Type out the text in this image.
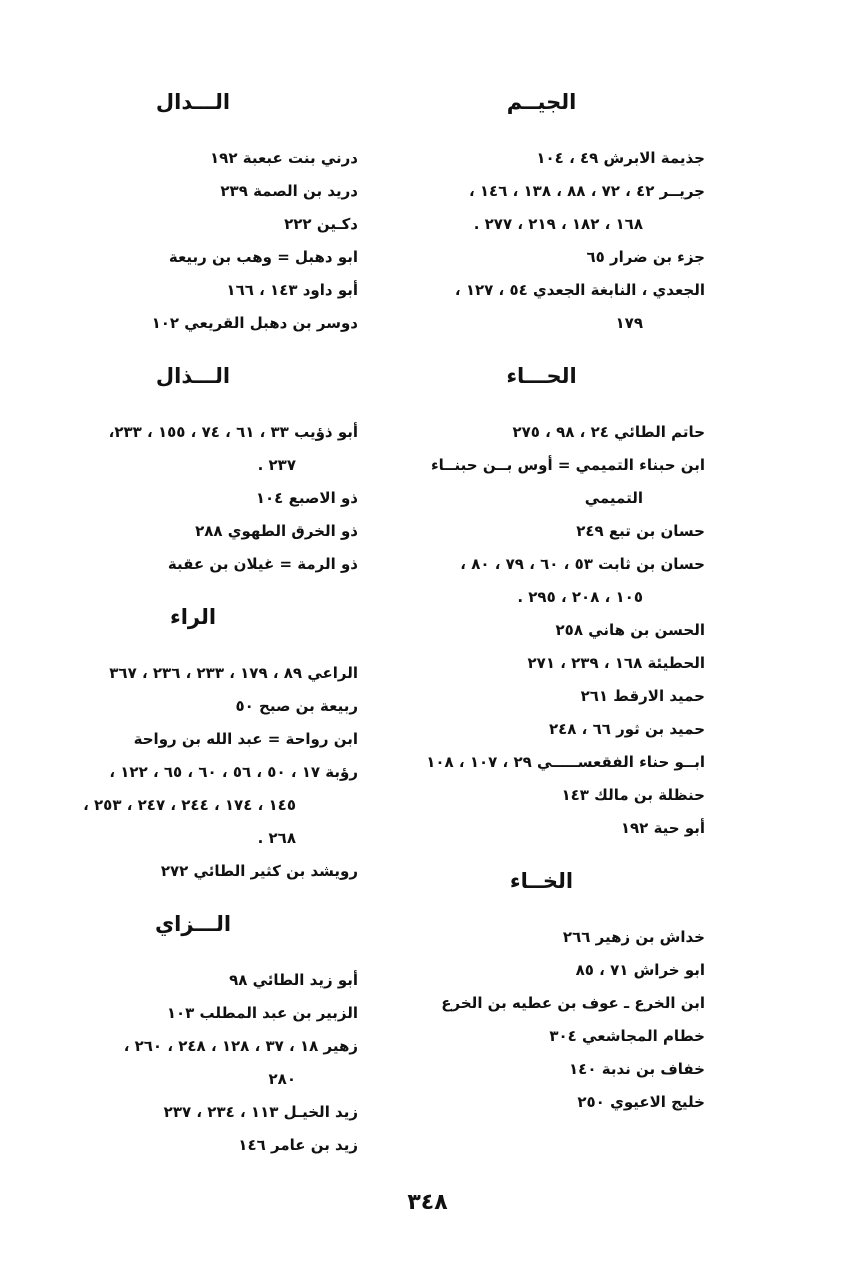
الجيــم
جذيمة الابرش ٤٩ ، ١٠٤
جريــر ٤٢ ، ٧٢ ، ٨٨ ، ١٣٨ ، ١٤٦ ،
١٦٨ ، ١٨٢ ، ٢١٩ ، ٢٧٧ .
جزء بن ضرار ٦٥
الجعدي ، النابغة الجعدي ٥٤ ، ١٢٧ ،
١٧٩
الحـــاء
حاتم الطائي ٢٤ ، ٩٨ ، ٢٧٥
ابن حبناء التميمي = أوس بــن حبنــاء
التميمي
حسان بن تبع ٢٤٩
حسان بن ثابت ٥٣ ، ٦٠ ، ٧٩ ، ٨٠ ،
١٠٥ ، ٢٠٨ ، ٢٩٥ .
الحسن بن هاني ٢٥٨
الحطيئة ١٦٨ ، ٢٣٩ ، ٢٧١
حميد الارقط ٢٦١
حميد بن ثور ٦٦ ، ٢٤٨
ابــو حناء الفقعســـــي ٢٩ ، ١٠٧ ، ١٠٨
حنظلة بن مالك ١٤٣
أبو حية ١٩٢
الخــاء
خداش بن زهير ٢٦٦
ابو خراش ٧١ ، ٨٥
ابن الخرع ـ عوف بن عطيه بن الخرع
خطام المجاشعي ٣٠٤
خفاف بن ندبة ١٤٠
خليج الاعيوي ٢٥٠
الـــدال
درني بنت عبعبة ١٩٢
دريد بن الصمة ٢٣٩
دكـين ٢٢٢
ابو دهبل = وهب بن ربيعة
أبو داود ١٤٣ ، ١٦٦
دوسر بن دهبل القريعي ١٠٢
الـــذال
أبو ذؤيب ٣٣ ، ٦١ ، ٧٤ ، ١٥٥ ، ٢٣٣،
٢٣٧ .
ذو الاصبع ١٠٤
ذو الخرق الطهوي ٢٨٨
ذو الرمة = غيلان بن عقبة
الراء
الراعي ٨٩ ، ١٧٩ ، ٢٣٣ ، ٢٣٦ ، ٣٦٧
ربيعة بن صبح ٥٠
ابن رواحة = عبد الله بن رواحة
رؤبة ١٧ ، ٥٠ ، ٥٦ ، ٦٠ ، ٦٥ ، ١٢٢ ،
١٤٥ ، ١٧٤ ، ٢٤٤ ، ٢٤٧ ، ٢٥٣ ،
٢٦٨ .
رويشد بن كثير الطائي ٢٧٢
الـــزاي
أبو زيد الطائي ٩٨
الزبير بن عبد المطلب ١٠٣
زهير ١٨ ، ٣٧ ، ١٢٨ ، ٢٤٨ ، ٢٦٠ ،
٢٨٠
زيد الخيـل ١١٣ ، ٢٣٤ ، ٢٣٧
زيد بن عامر ١٤٦
٣٤٨
